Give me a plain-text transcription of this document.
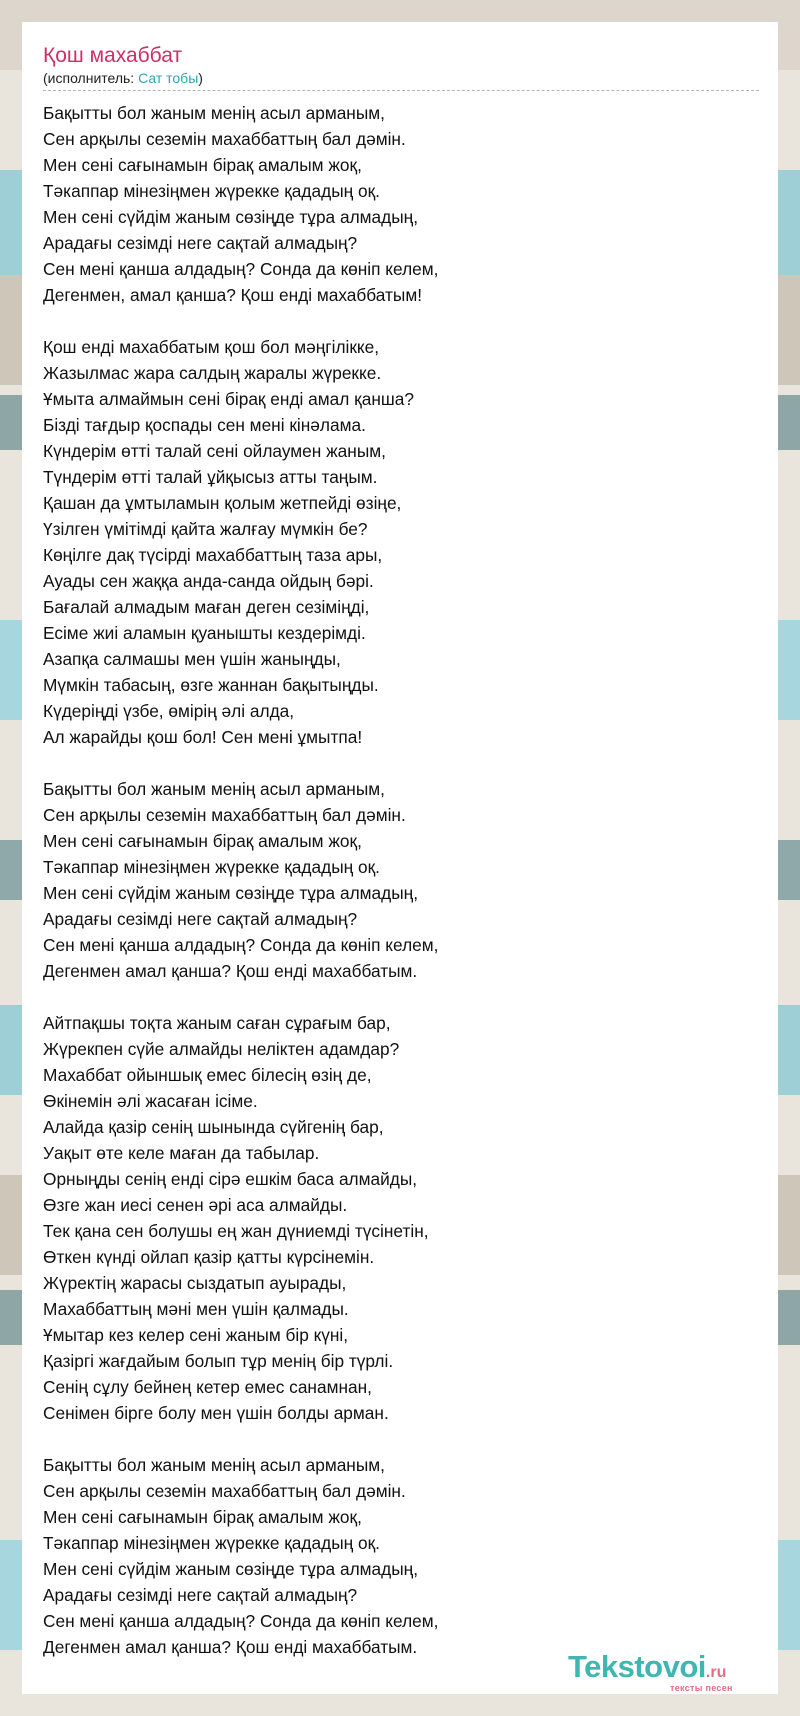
Қош махаббат
(исполнитель: Сат тобы)
Бақытты бол жаным менің асыл арманым,
Сен арқылы сеземін махаббаттың бал дәмін.
Мен сені сағынамын бірақ амалым жоқ,
Тәкаппар мінезіңмен жүрекке қададың оқ.
Мен сені сүйдім жаным сөзіңде тұра алмадың,
Арадағы сезімді неге сақтай алмадың?
Сен мені қанша алдадың? Сонда да көніп келем,
Дегенмен, амал қанша? Қош енді махаббатым!
Қош енді махаббатым қош бол мәңгілікке,
Жазылмас жара салдың жаралы жүрекке.
Ұмыта алмаймын сені бірақ енді амал қанша?
Бізді тағдыр қоспады сен мені кінәлама.
Күндерім өтті талай сені ойлаумен жаным,
Түндерім өтті талай ұйқысыз атты таңым.
Қашан да ұмтыламын қолым жетпейді өзіңе,
Үзілген үмітімді қайта жалғау мүмкін бе?
Көңілге дақ түсірді махаббаттың таза ары,
Ауады сен жаққа анда-санда ойдың бәрі.
Бағалай алмадым маған деген сезіміңді,
Есіме жиі аламын қуанышты кездерімді.
Азапқа салмашы мен үшін жаныңды,
Мүмкін табасың, өзге жаннан бақытыңды.
Күдеріңді үзбе, өмірің әлі алда,
Ал жарайды қош бол! Сен мені ұмытпа!
Бақытты бол жаным менің асыл арманым,
Сен арқылы сеземін махаббаттың бал дәмін.
Мен сені сағынамын бірақ амалым жоқ,
Тәкаппар мінезіңмен жүрекке қададың оқ.
Мен сені сүйдім жаным сөзіңде тұра алмадың,
Арадағы сезімді неге сақтай алмадың?
Сен мені қанша алдадың? Сонда да көніп келем,
Дегенмен амал қанша? Қош енді махаббатым.
Айтпақшы тоқта жаным саған сұрағым бар,
Жүрекпен сүйе алмайды неліктен адамдар?
Махаббат ойыншық емес білесің өзің де,
Өкінемін әлі жасаған ісіме.
Алайда қазір сенің шынында сүйгенің бар,
Уақыт өте келе маған да табылар.
Орныңды сенің енді сірә ешкім баса алмайды,
Өзге жан иесі сенен әрі аса алмайды.
Тек қана сен болушы ең жан дүниемді түсінетін,
Өткен күнді ойлап қазір қатты күрсінемін.
Жүректің жарасы сыздатып ауырады,
Махаббаттың мәні мен үшін қалмады.
Ұмытар кез келер сені жаным бір күні,
Қазіргі жағдайым болып тұр менің бір түрлі.
Сенің сұлу бейнең кетер емес санамнан,
Сенімен бірге болу мен үшін болды арман.
Бақытты бол жаным менің асыл арманым,
Сен арқылы сеземін махаббаттың бал дәмін.
Мен сені сағынамын бірақ амалым жоқ,
Тәкаппар мінезіңмен жүрекке қададың оқ.
Мен сені сүйдім жаным сөзіңде тұра алмадың,
Арадағы сезімді неге сақтай алмадың?
Сен мені қанша алдадың? Сонда да көніп келем,
Дегенмен амал қанша? Қош енді махаббатым.
Tekstovoi.ru
тексты песен
